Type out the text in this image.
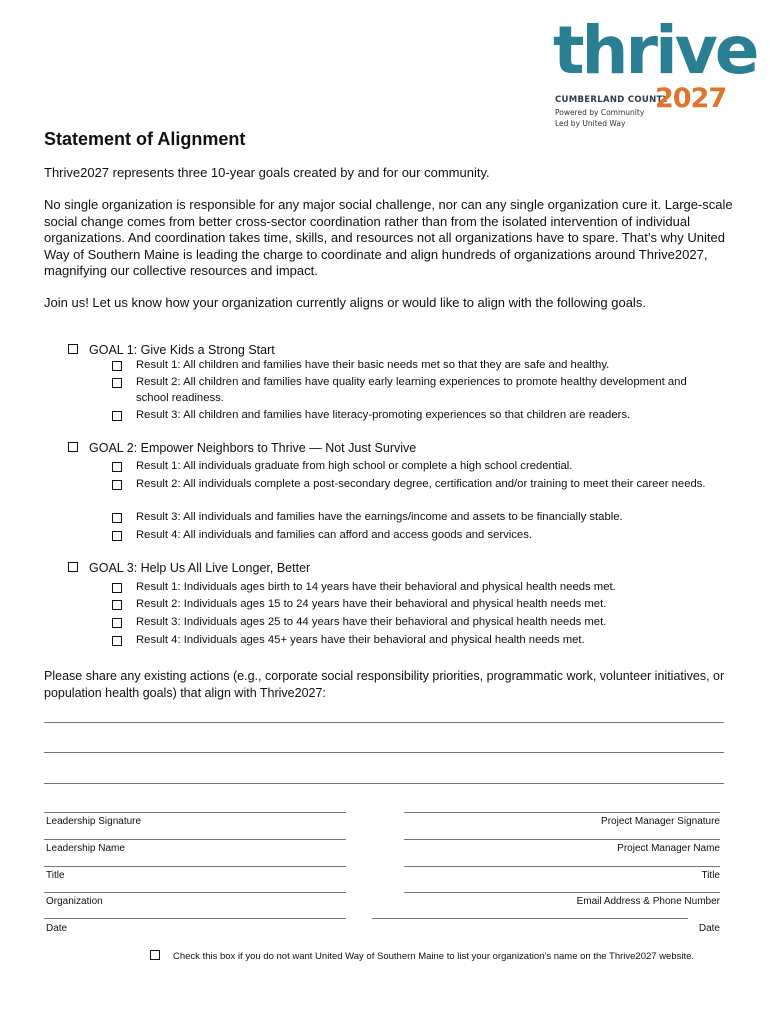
thrive
CUMBERLAND COUNTY
2027
Powered by Community
Led by United Way
Statement of Alignment

Thrive2027 represents three 10-year goals created by and for our community.

No single organization is responsible for any major social challenge, nor can any single organization cure it. Large-scale social change comes from better cross-sector coordination rather than from the isolated intervention of individual organizations. And coordination takes time, skills, and resources not all organizations have to spare. That’s why United Way of Southern Maine is leading the charge to coordinate and align hundreds of organizations around Thrive2027, magnifying our collective resources and impact.

Join us! Let us know how your organization currently aligns or would like to align with the following goals.

GOAL 1: Give Kids a Strong Start
Result 1: All children and families have their basic needs met so that they are safe and healthy.
Result 2: All children and families have quality early learning experiences to promote healthy development and school readiness.
Result 3: All children and families have literacy-promoting experiences so that children are readers.
GOAL 2: Empower Neighbors to Thrive — Not Just Survive
Result 1: All individuals graduate from high school or complete a high school credential.
Result 2: All individuals complete a post-secondary degree, certification and/or training to meet their career needs.
Result 3: All individuals and families have the earnings/income and assets to be financially stable.
Result 4: All individuals and families can afford and access goods and services.
GOAL 3: Help Us All Live Longer, Better
Result 1: Individuals ages birth to 14 years have their behavioral and physical health needs met.
Result 2: Individuals ages 15 to 24 years have their behavioral and physical health needs met.
Result 3: Individuals ages 25 to 44 years have their behavioral and physical health needs met.
Result 4: Individuals ages 45+ years have their behavioral and physical health needs met.
Please share any existing actions (e.g., corporate social responsibility priorities, programmatic work, volunteer initiatives, or population health goals) that align with Thrive2027:
Leadership Signature
Leadership Name
Title
Organization
Date
Project Manager Signature
Project Manager Name
Title
Email Address & Phone Number
Date
Check this box if you do not want United Way of Southern Maine to list your organization’s name on the Thrive2027 website.
